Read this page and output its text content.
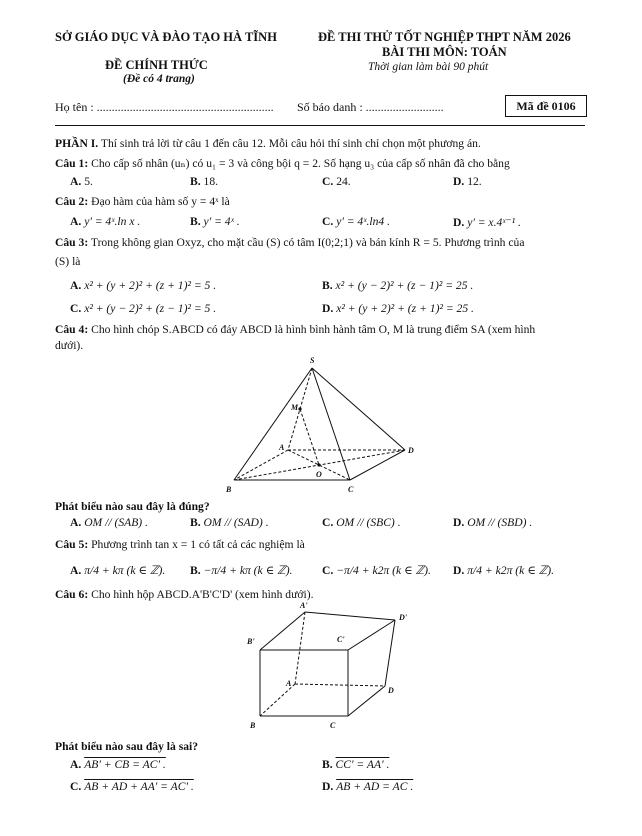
SỞ GIÁO DỤC VÀ ĐÀO TẠO HÀ TĨNH
ĐỀ CHÍNH THỨC
(Đề có 4 trang)
ĐỀ THI THỬ TỐT NGHIỆP THPT NĂM 2026
BÀI THI MÔN: TOÁN
Thời gian làm bài 90 phút
Họ tên : ........................................................... Số báo danh : ..........................	Mã đề 0106
PHẦN I. Thí sinh trả lời từ câu 1 đến câu 12. Mỗi câu hỏi thí sinh chỉ chọn một phương án.
Câu 1: Cho cấp số nhân (uₙ) có u₁ = 3 và công bội q = 2. Số hạng u₃ của cấp số nhân đã cho bằng
A. 5.	B. 18.	C. 24.	D. 12.
Câu 2: Đạo hàm của hàm số y = 4ˣ là
A. y' = 4ˣ.ln x .	B. y' = 4ˣ .	C. y' = 4ˣ.ln4 .	D. y' = x.4ˣ⁻¹ .
Câu 3: Trong không gian Oxyz, cho mặt cầu (S) có tâm I(0;2;1) và bán kính R = 5. Phương trình của
(S) là
A. x² + (y + 2)² + (z + 1)² = 5 .	B. x² + (y − 2)² + (z − 1)² = 25 .
C. x² + (y − 2)² + (z − 1)² = 5 .	D. x² + (y + 2)² + (z + 1)² = 25 .
Câu 4: Cho hình chóp S.ABCD có đáy ABCD là hình bình hành tâm O, M là trung điểm SA (xem hình
dưới).
S
M
A	D
O
B	C
Phát biểu nào sau đây là đúng?
A. OM // (SAB) .	B. OM // (SAD) .	C. OM // (SBC) .	D. OM // (SBD) .
Câu 5: Phương trình tan x = 1 có tất cả các nghiệm là
A. π/4 + kπ (k ∈ ℤ). B. −π/4 + kπ (k ∈ ℤ).	C. −π/4 + k2π (k ∈ ℤ). D. π/4 + k2π (k ∈ ℤ).
Câu 6: Cho hình hộp ABCD.A'B'C'D' (xem hình dưới).
A'
D'
B'	C'
A
D
B	C
Phát biểu nào sau đây là sai?
A. AB' + CB = AC' .	B. CC' = AA' .
C. AB + AD + AA' = AC' .	D. AB + AD = AC .
